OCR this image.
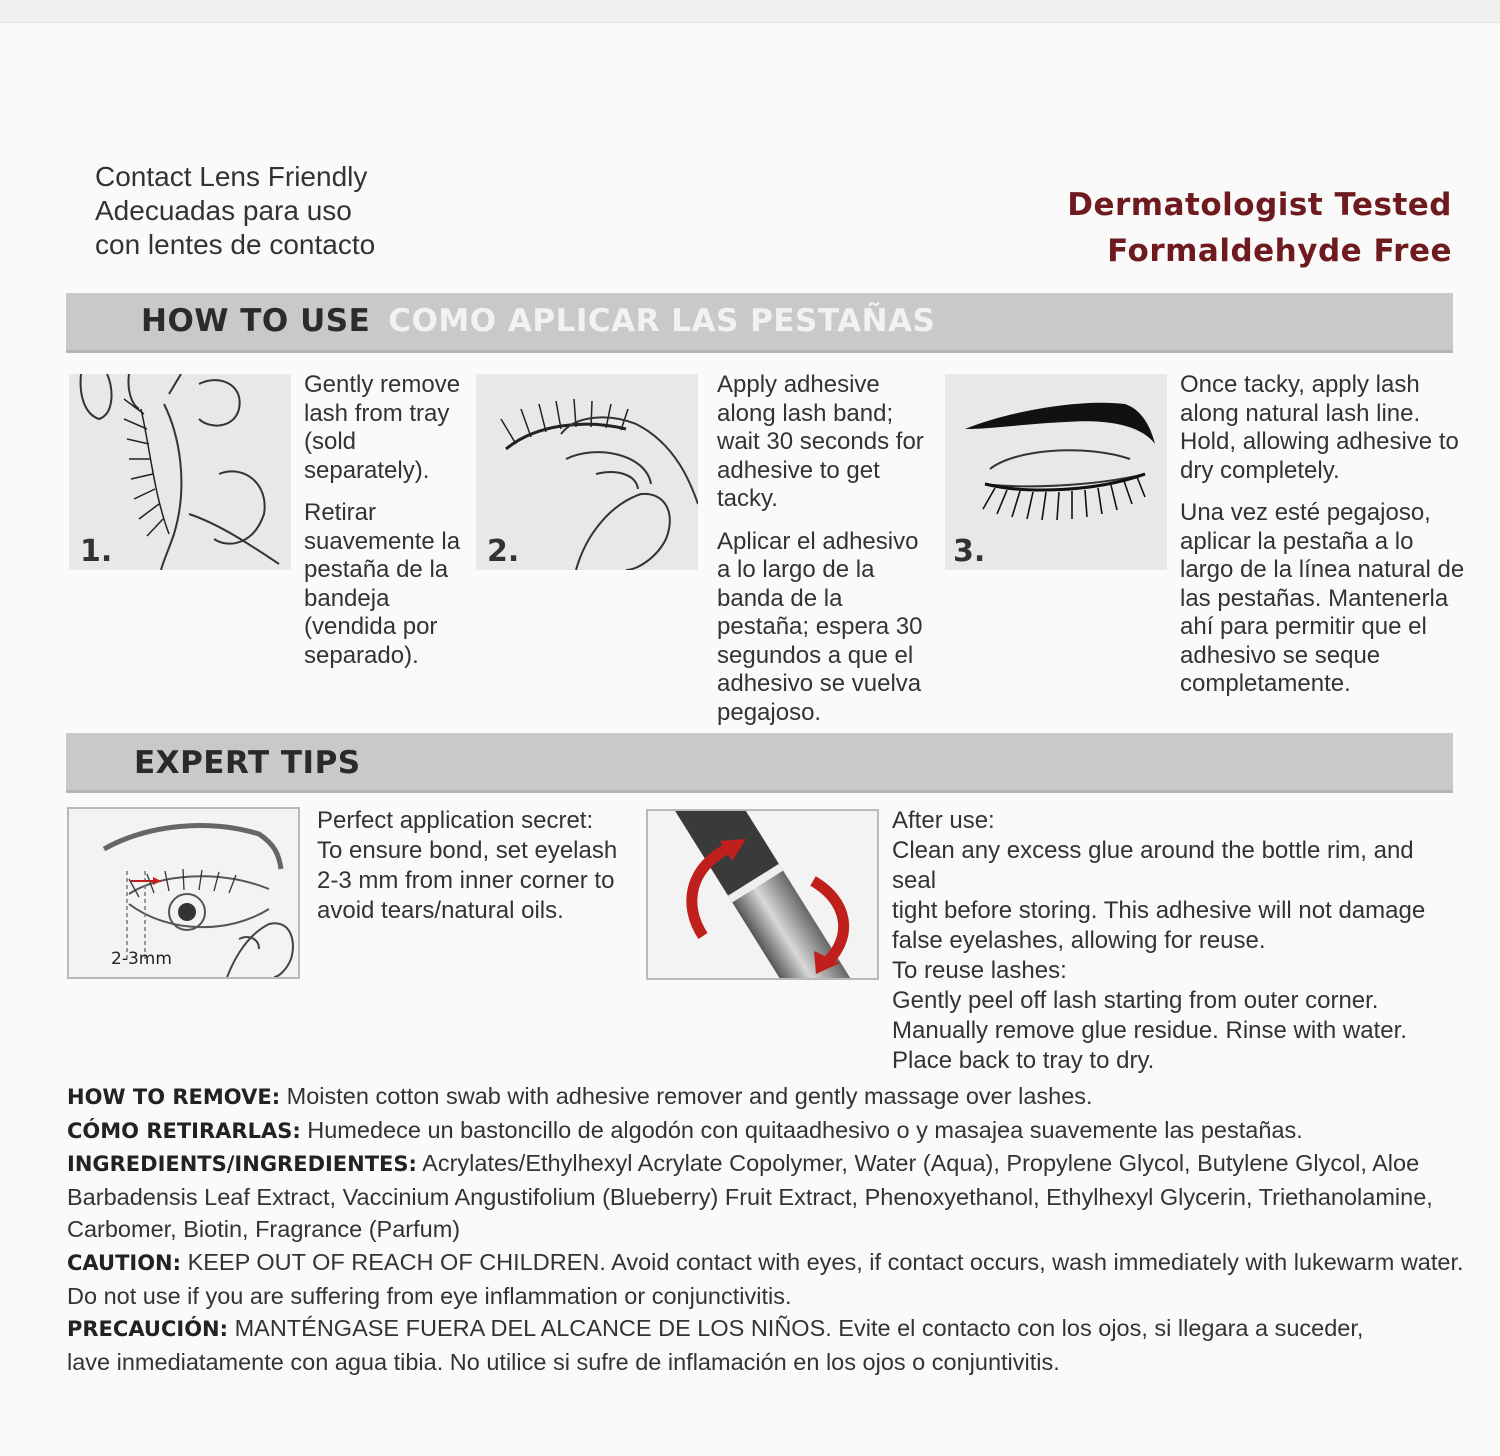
Contact Lens Friendly
Adecuadas para uso
con lentes de contacto
Dermatologist Tested
Formaldehyde Free
HOW TO USE COMO APLICAR LAS PESTAÑAS
1.

Gently remove lash from tray (sold separately).

Retirar suavemente la pestaña de la bandeja (vendida por separado).

2.

Apply adhesive along lash band; wait 30 seconds for adhesive to get tacky.

Aplicar el adhesivo a lo largo de la banda de la pestaña; espera 30 segundos a que el adhesivo se vuelva pegajoso.

3.

Once tacky, apply lash along natural lash line. Hold, allowing adhesive to dry completely.

Una vez esté pegajoso, aplicar la pestaña a lo largo de la línea natural de las pestañas. Mantenerla ahí para permitir que el adhesivo se seque completamente.

EXPERT TIPS
2-3mm
Perfect application secret:
To ensure bond, set eyelash
2-3 mm from inner corner to
avoid tears/natural oils.
After use:
Clean any excess glue around the bottle rim, and seal
tight before storing. This adhesive will not damage
false eyelashes, allowing for reuse.
To reuse lashes:
Gently peel off lash starting from outer corner.
Manually remove glue residue. Rinse with water.
Place back to tray to dry.
HOW TO REMOVE: Moisten cotton swab with adhesive remover and gently massage over lashes.
CÓMO RETIRARLAS: Humedece un bastoncillo de algodón con quitaadhesivo o y masajea suavemente las pestañas.
INGREDIENTS/INGREDIENTES: Acrylates/Ethylhexyl Acrylate Copolymer, Water (Aqua), Propylene Glycol, Butylene Glycol, Aloe
Barbadensis Leaf Extract, Vaccinium Angustifolium (Blueberry) Fruit Extract, Phenoxyethanol, Ethylhexyl Glycerin, Triethanolamine,
Carbomer, Biotin, Fragrance (Parfum)
CAUTION: KEEP OUT OF REACH OF CHILDREN. Avoid contact with eyes, if contact occurs, wash immediately with lukewarm water.
Do not use if you are suffering from eye inflammation or conjunctivitis.
PRECAUCIÓN: MANTÉNGASE FUERA DEL ALCANCE DE LOS NIÑOS. Evite el contacto con los ojos, si llegara a suceder,
lave inmediatamente con agua tibia. No utilice si sufre de inflamación en los ojos o conjuntivitis.
